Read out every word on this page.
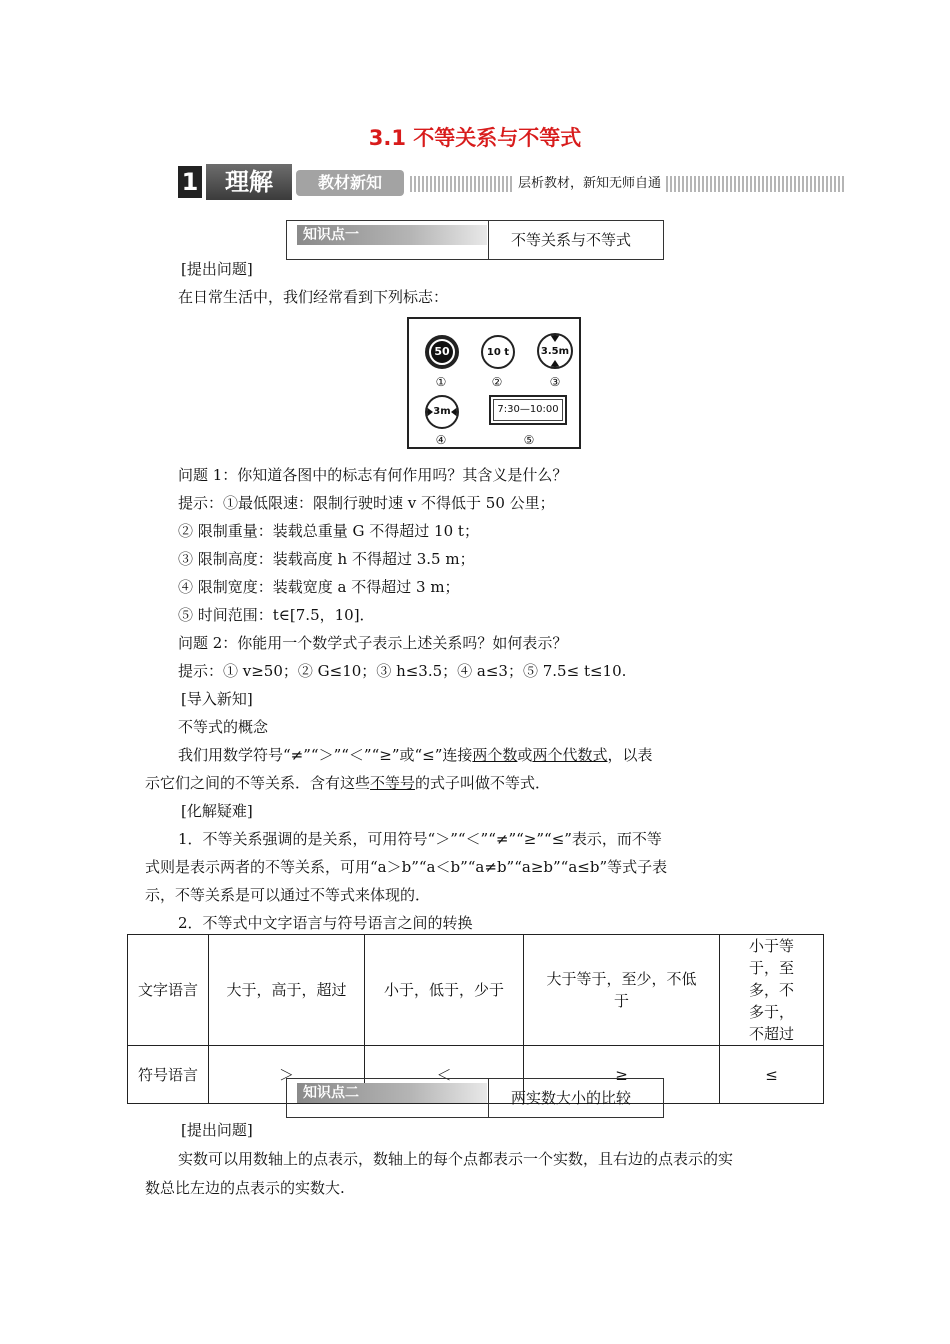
3.1 不等关系与不等式
1	理解	教材新知	层析教材，新知无师自通
知识点一	不等关系与不等式
[提出问题]
在日常生活中，我们经常看到下列标志：
50
①
10 t
②
3.5m
③
3m
④
7:30—10:00
⑤
问题 1：你知道各图中的标志有何作用吗？其含义是什么？
提示：①最低限速：限制行驶时速 v 不得低于 50 公里；
② 限制重量：装载总重量 G 不得超过 10 t；
③ 限制高度：装载高度 h 不得超过 3.5 m；
④ 限制宽度：装载宽度 a 不得超过 3 m；
⑤ 时间范围：t∈[7.5，10]．
问题 2：你能用一个数学式子表示上述关系吗？如何表示？
提示：① v≥50；② G≤10；③ h≤3.5；④ a≤3；⑤ 7.5≤ t≤10.
[导入新知]
不等式的概念
我们用数学符号“≠”“＞”“＜”“≥”或“≤”连接两个数或两个代数式，以表
示它们之间的不等关系．含有这些不等号的式子叫做不等式．
[化解疑难]
1．不等关系强调的是关系，可用符号“＞”“＜”“≠”“≥”“≤”表示，而不等
式则是表示两者的不等关系，可用“a＞b”“a＜b”“a≠b”“a≥b”“a≤b”等式子表
示，不等关系是可以通过不等式来体现的．
2．不等式中文字语言与符号语言之间的转换
文字语言	大于，高于，超过	小于，低于，少于	大于等于，至少，不低于	小于等于，至多，不多于，不超过
符号语言	＞	＜	≥	≤
知识点二	两实数大小的比较
[提出问题]
实数可以用数轴上的点表示，数轴上的每个点都表示一个实数，且右边的点表示的实
数总比左边的点表示的实数大.
